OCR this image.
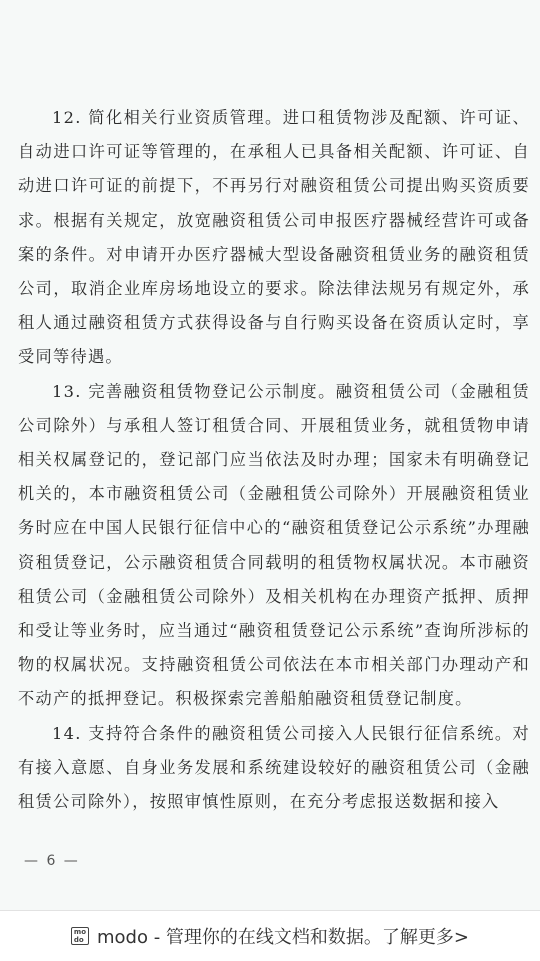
12. 简化相关行业资质管理。进口租赁物涉及配额、许可证、自动进口许可证等管理的，在承租人已具备相关配额、许可证、自动进口许可证的前提下，不再另行对融资租赁公司提出购买资质要求。根据有关规定，放宽融资租赁公司申报医疗器械经营许可或备案的条件。对申请开办医疗器械大型设备融资租赁业务的融资租赁公司，取消企业库房场地设立的要求。除法律法规另有规定外，承租人通过融资租赁方式获得设备与自行购买设备在资质认定时，享受同等待遇。

13. 完善融资租赁物登记公示制度。融资租赁公司（金融租赁公司除外）与承租人签订租赁合同、开展租赁业务，就租赁物申请相关权属登记的，登记部门应当依法及时办理；国家未有明确登记机关的，本市融资租赁公司（金融租赁公司除外）开展融资租赁业务时应在中国人民银行征信中心的“融资租赁登记公示系统”办理融资租赁登记，公示融资租赁合同载明的租赁物权属状况。本市融资租赁公司（金融租赁公司除外）及相关机构在办理资产抵押、质押和受让等业务时，应当通过“融资租赁登记公示系统”查询所涉标的物的权属状况。支持融资租赁公司依法在本市相关部门办理动产和不动产的抵押登记。积极探索完善船舶融资租赁登记制度。

14. 支持符合条件的融资租赁公司接入人民银行征信系统。对有接入意愿、自身业务发展和系统建设较好的融资租赁公司（金融租赁公司除外），按照审慎性原则，在充分考虑报送数据和接入

— 6 —
mo
do modo - 管理你的在线文档和数据。了解更多>
